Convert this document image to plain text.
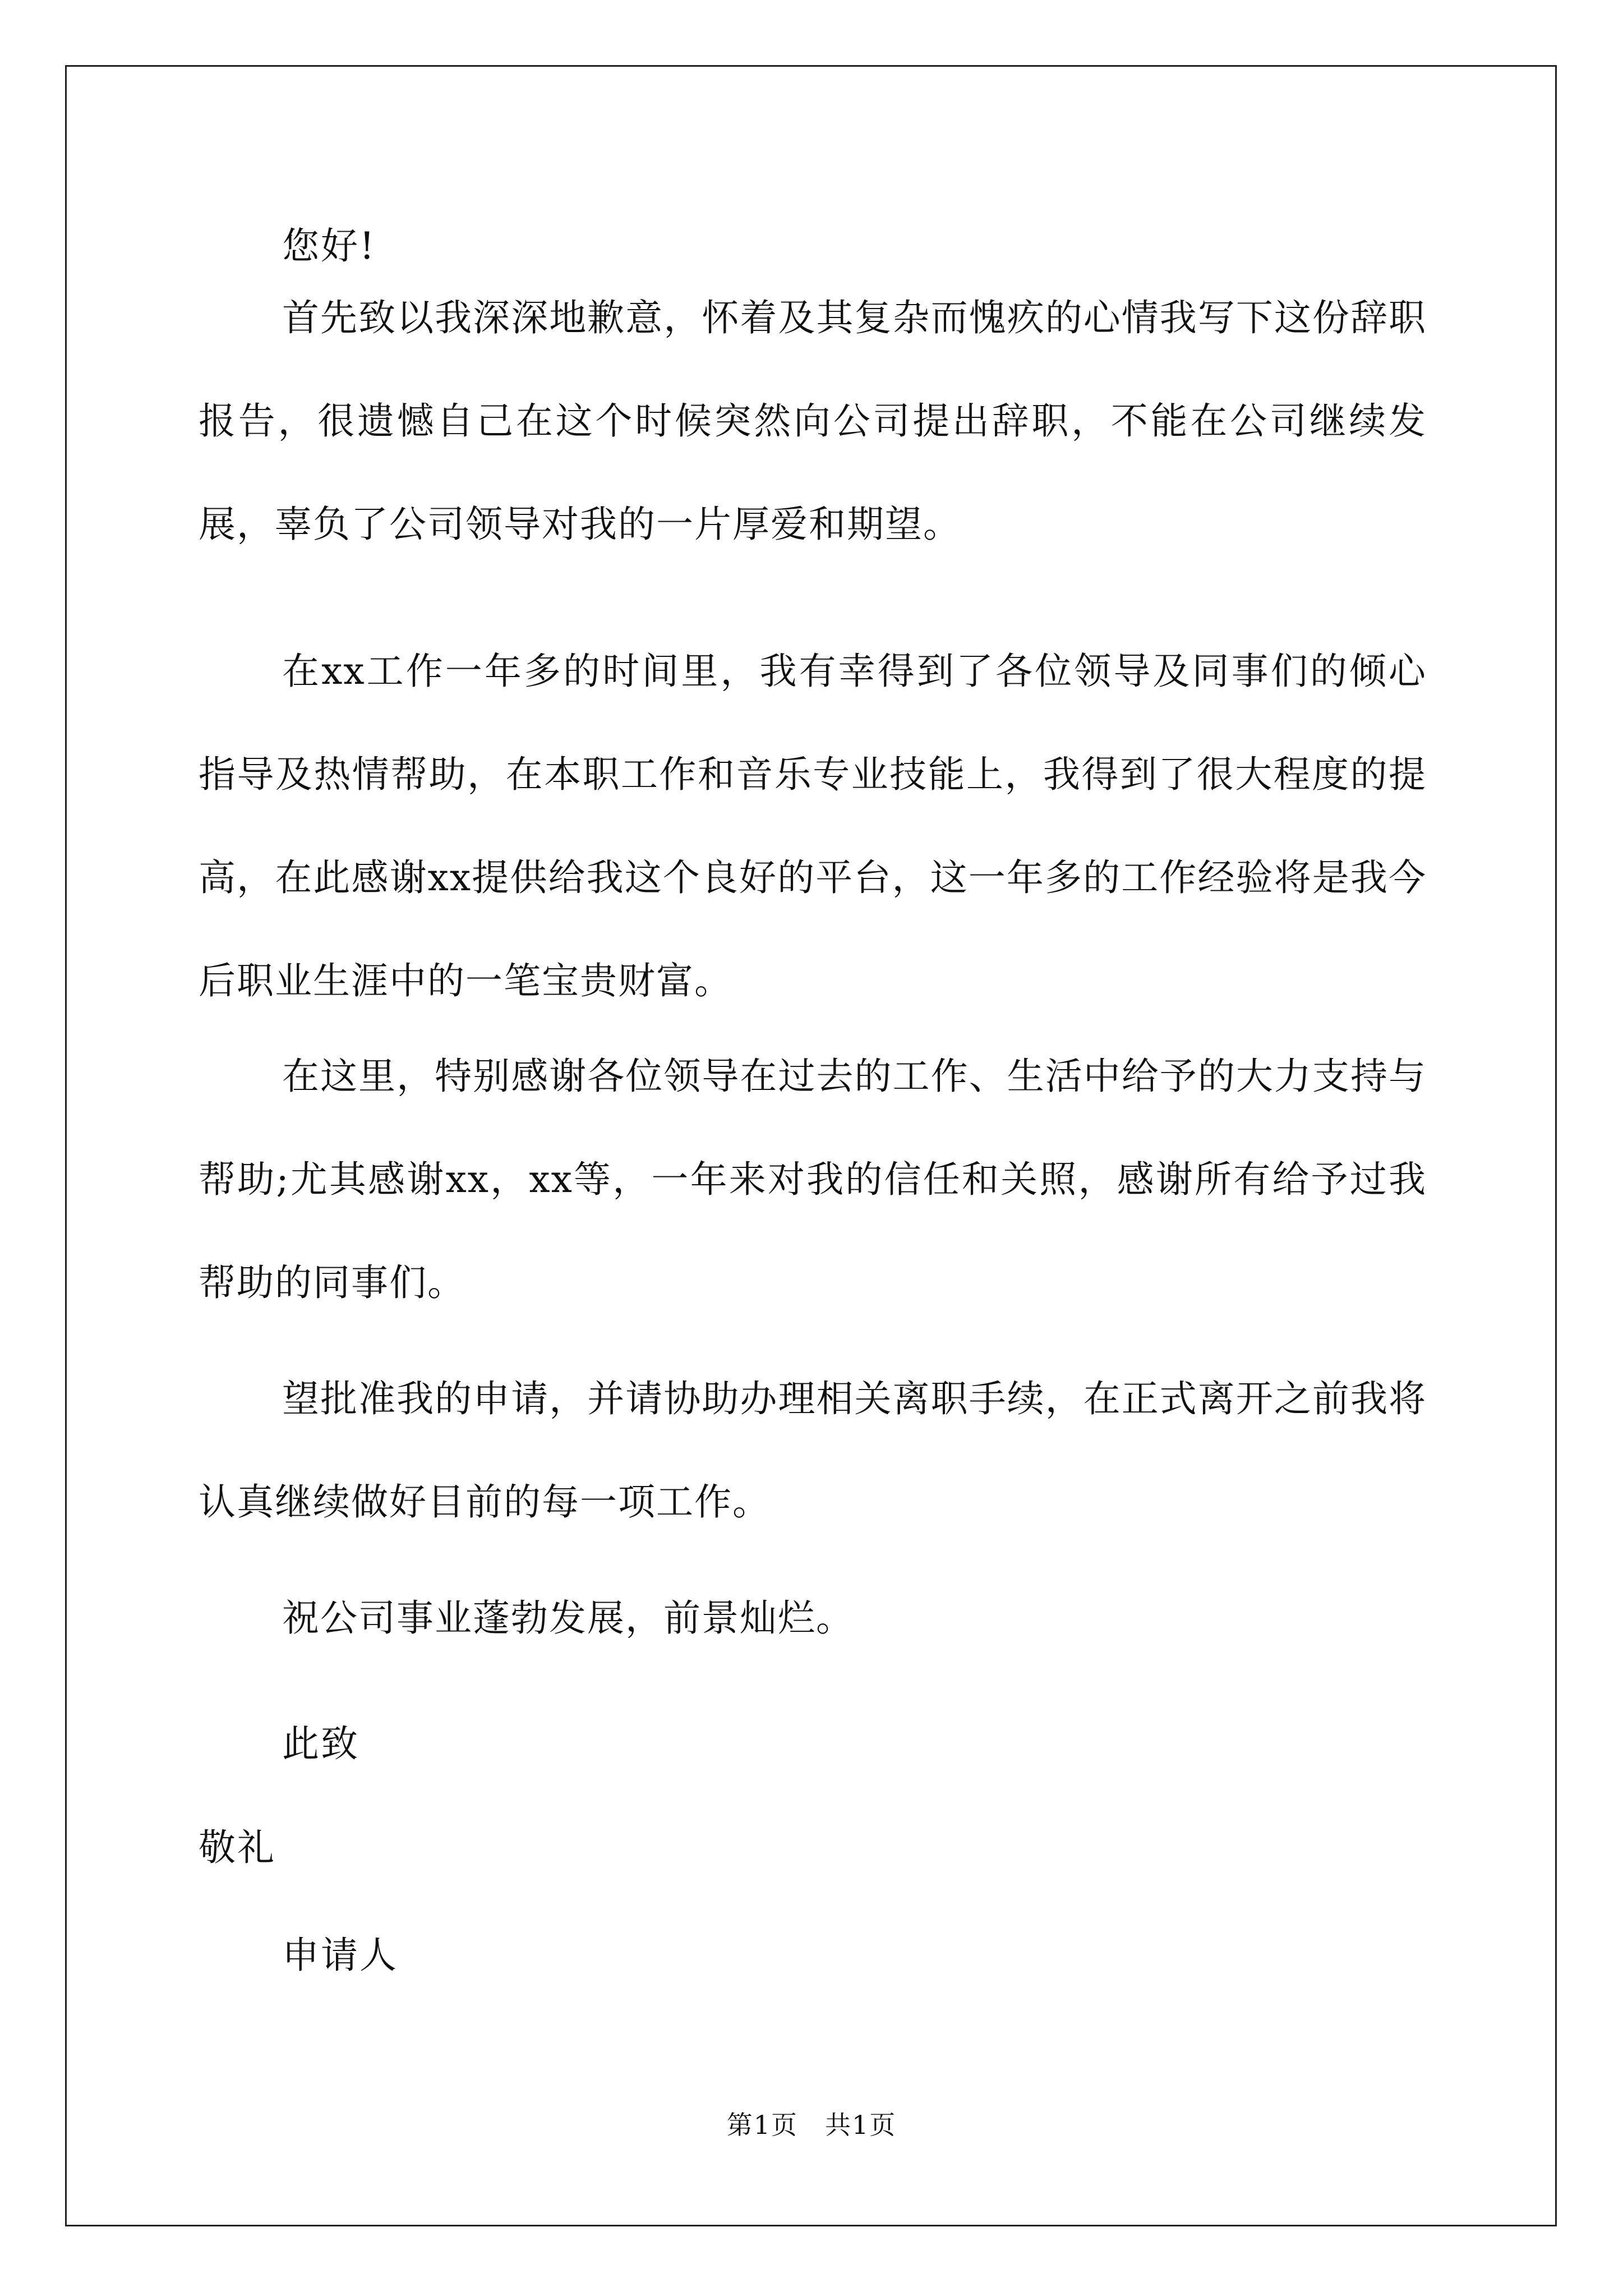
您好!
首先致以我深深地歉意，怀着及其复杂而愧疚的心情我写下这份辞职报告，很遗憾自己在这个时候突然向公司提出辞职，不能在公司继续发展，辜负了公司领导对我的一片厚爱和期望。
在xx工作一年多的时间里，我有幸得到了各位领导及同事们的倾心指导及热情帮助，在本职工作和音乐专业技能上，我得到了很大程度的提高，在此感谢xx提供给我这个良好的平台，这一年多的工作经验将是我今后职业生涯中的一笔宝贵财富。
在这里，特别感谢各位领导在过去的工作、生活中给予的大力支持与帮助;尤其感谢xx，xx等，一年来对我的信任和关照，感谢所有给予过我帮助的同事们。
望批准我的申请，并请协助办理相关离职手续，在正式离开之前我将认真继续做好目前的每一项工作。
祝公司事业蓬勃发展，前景灿烂。
此致
敬礼
申请人
第1页　共1页
